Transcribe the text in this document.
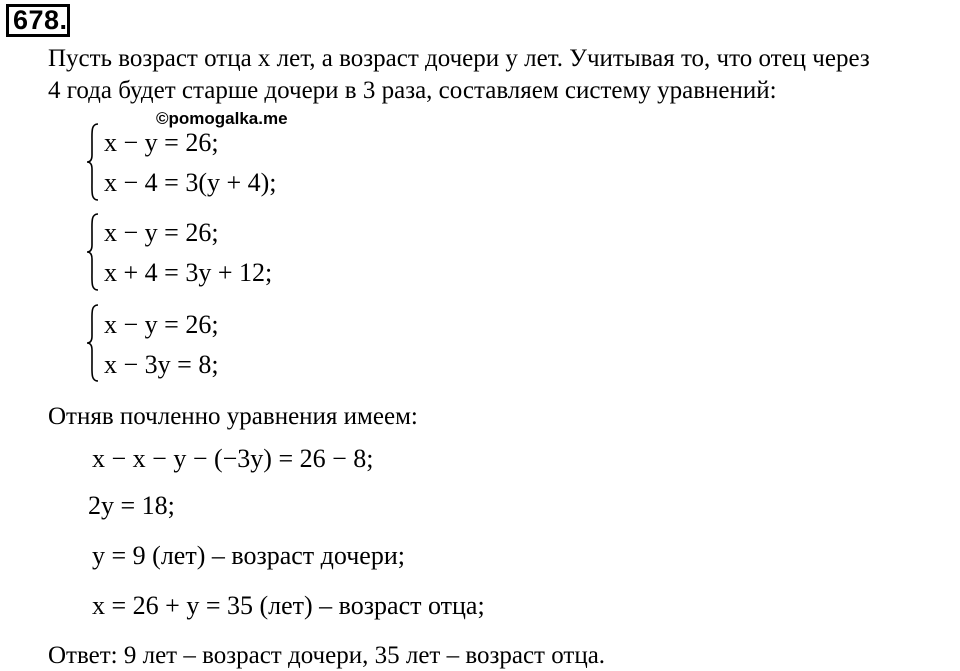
678.
Пусть возраст отца x лет, а возраст дочери y лет. Учитывая то, что отец через
4 года будет старше дочери в 3 раза, составляем систему уравнений:
©pomogalka.me
x − y = 26;
x − 4 = 3(y + 4);
x − y = 26;
x + 4 = 3y + 12;
x − y = 26;
x − 3y = 8;
Отняв почленно уравнения имеем:
x − x − y − (−3y) = 26 − 8;
2y = 18;
y = 9 (лет) – возраст дочери;
x = 26 + y = 35 (лет) – возраст отца;
Ответ: 9 лет – возраст дочери, 35 лет – возраст отца.
